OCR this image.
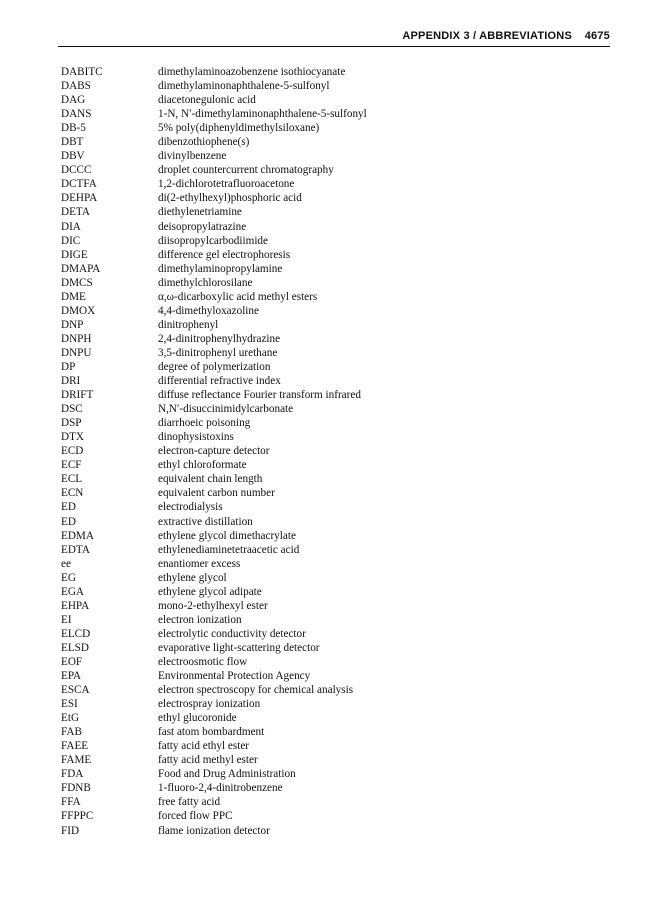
APPENDIX 3 / ABBREVIATIONS 4675
DABITC	dimethylaminoazobenzene isothiocyanate
DABS	dimethylaminonaphthalene-5-sulfonyl
DAG	diacetonegulonic acid
DANS	1-N, N′-dimethylaminonaphthalene-5-sulfonyl
DB-5	5% poly(diphenyldimethylsiloxane)
DBT	dibenzothiophene(s)
DBV	divinylbenzene
DCCC	droplet countercurrent chromatography
DCTFA	1,2-dichlorotetrafluoroacetone
DEHPA	di(2-ethylhexyl)phosphoric acid
DETA	diethylenetriamine
DIA	deisopropylatrazine
DIC	diisopropylcarbodiimide
DIGE	difference gel electrophoresis
DMAPA	dimethylaminopropylamine
DMCS	dimethylchlorosilane
DME	α,ω-dicarboxylic acid methyl esters
DMOX	4,4-dimethyloxazoline
DNP	dinitrophenyl
DNPH	2,4-dinitrophenylhydrazine
DNPU	3,5-dinitrophenyl urethane
DP	degree of polymerization
DRI	differential refractive index
DRIFT	diffuse reflectance Fourier transform infrared
DSC	N,N′-disuccinimidylcarbonate
DSP	diarrhoeic poisoning
DTX	dinophysistoxins
ECD	electron-capture detector
ECF	ethyl chloroformate
ECL	equivalent chain length
ECN	equivalent carbon number
ED	electrodialysis
ED	extractive distillation
EDMA	ethylene glycol dimethacrylate
EDTA	ethylenediaminetetraacetic acid
ee	enantiomer excess
EG	ethylene glycol
EGA	ethylene glycol adipate
EHPA	mono-2-ethylhexyl ester
EI	electron ionization
ELCD	electrolytic conductivity detector
ELSD	evaporative light-scattering detector
EOF	electroosmotic flow
EPA	Environmental Protection Agency
ESCA	electron spectroscopy for chemical analysis
ESI	electrospray ionization
EtG	ethyl glucoronide
FAB	fast atom bombardment
FAEE	fatty acid ethyl ester
FAME	fatty acid methyl ester
FDA	Food and Drug Administration
FDNB	1-fluoro-2,4-dinitrobenzene
FFA	free fatty acid
FFPPC	forced flow PPC
FID	flame ionization detector
